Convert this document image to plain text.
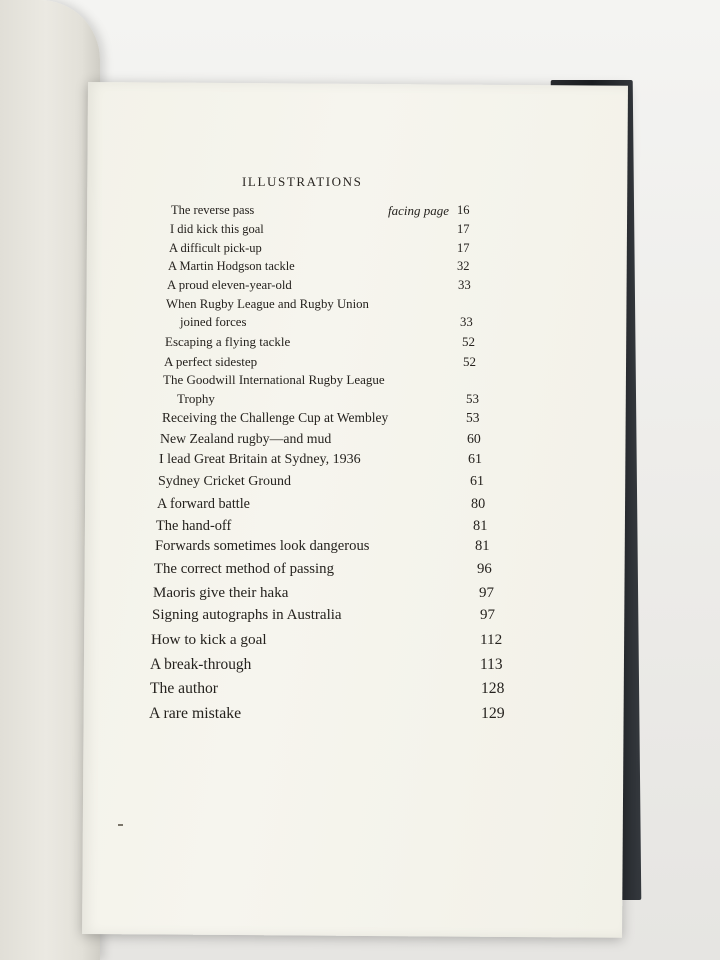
ILLUSTRATIONS
The reverse pass	facing page 16
I did kick this goal	17
A difficult pick-up	17
A Martin Hodgson tackle	32
A proud eleven-year-old	33
When Rugby League and Rugby Union
joined forces	33
Escaping a flying tackle	52
A perfect sidestep	52
The Goodwill International Rugby League
Trophy	53
Receiving the Challenge Cup at Wembley	53
New Zealand rugby—and mud	60
I lead Great Britain at Sydney, 1936	61
Sydney Cricket Ground	61
A forward battle	80
The hand-off	81
Forwards sometimes look dangerous	81
The correct method of passing	96
Maoris give their haka	97
Signing autographs in Australia	97
How to kick a goal	112
A break-through	113
The author	128
A rare mistake	129
